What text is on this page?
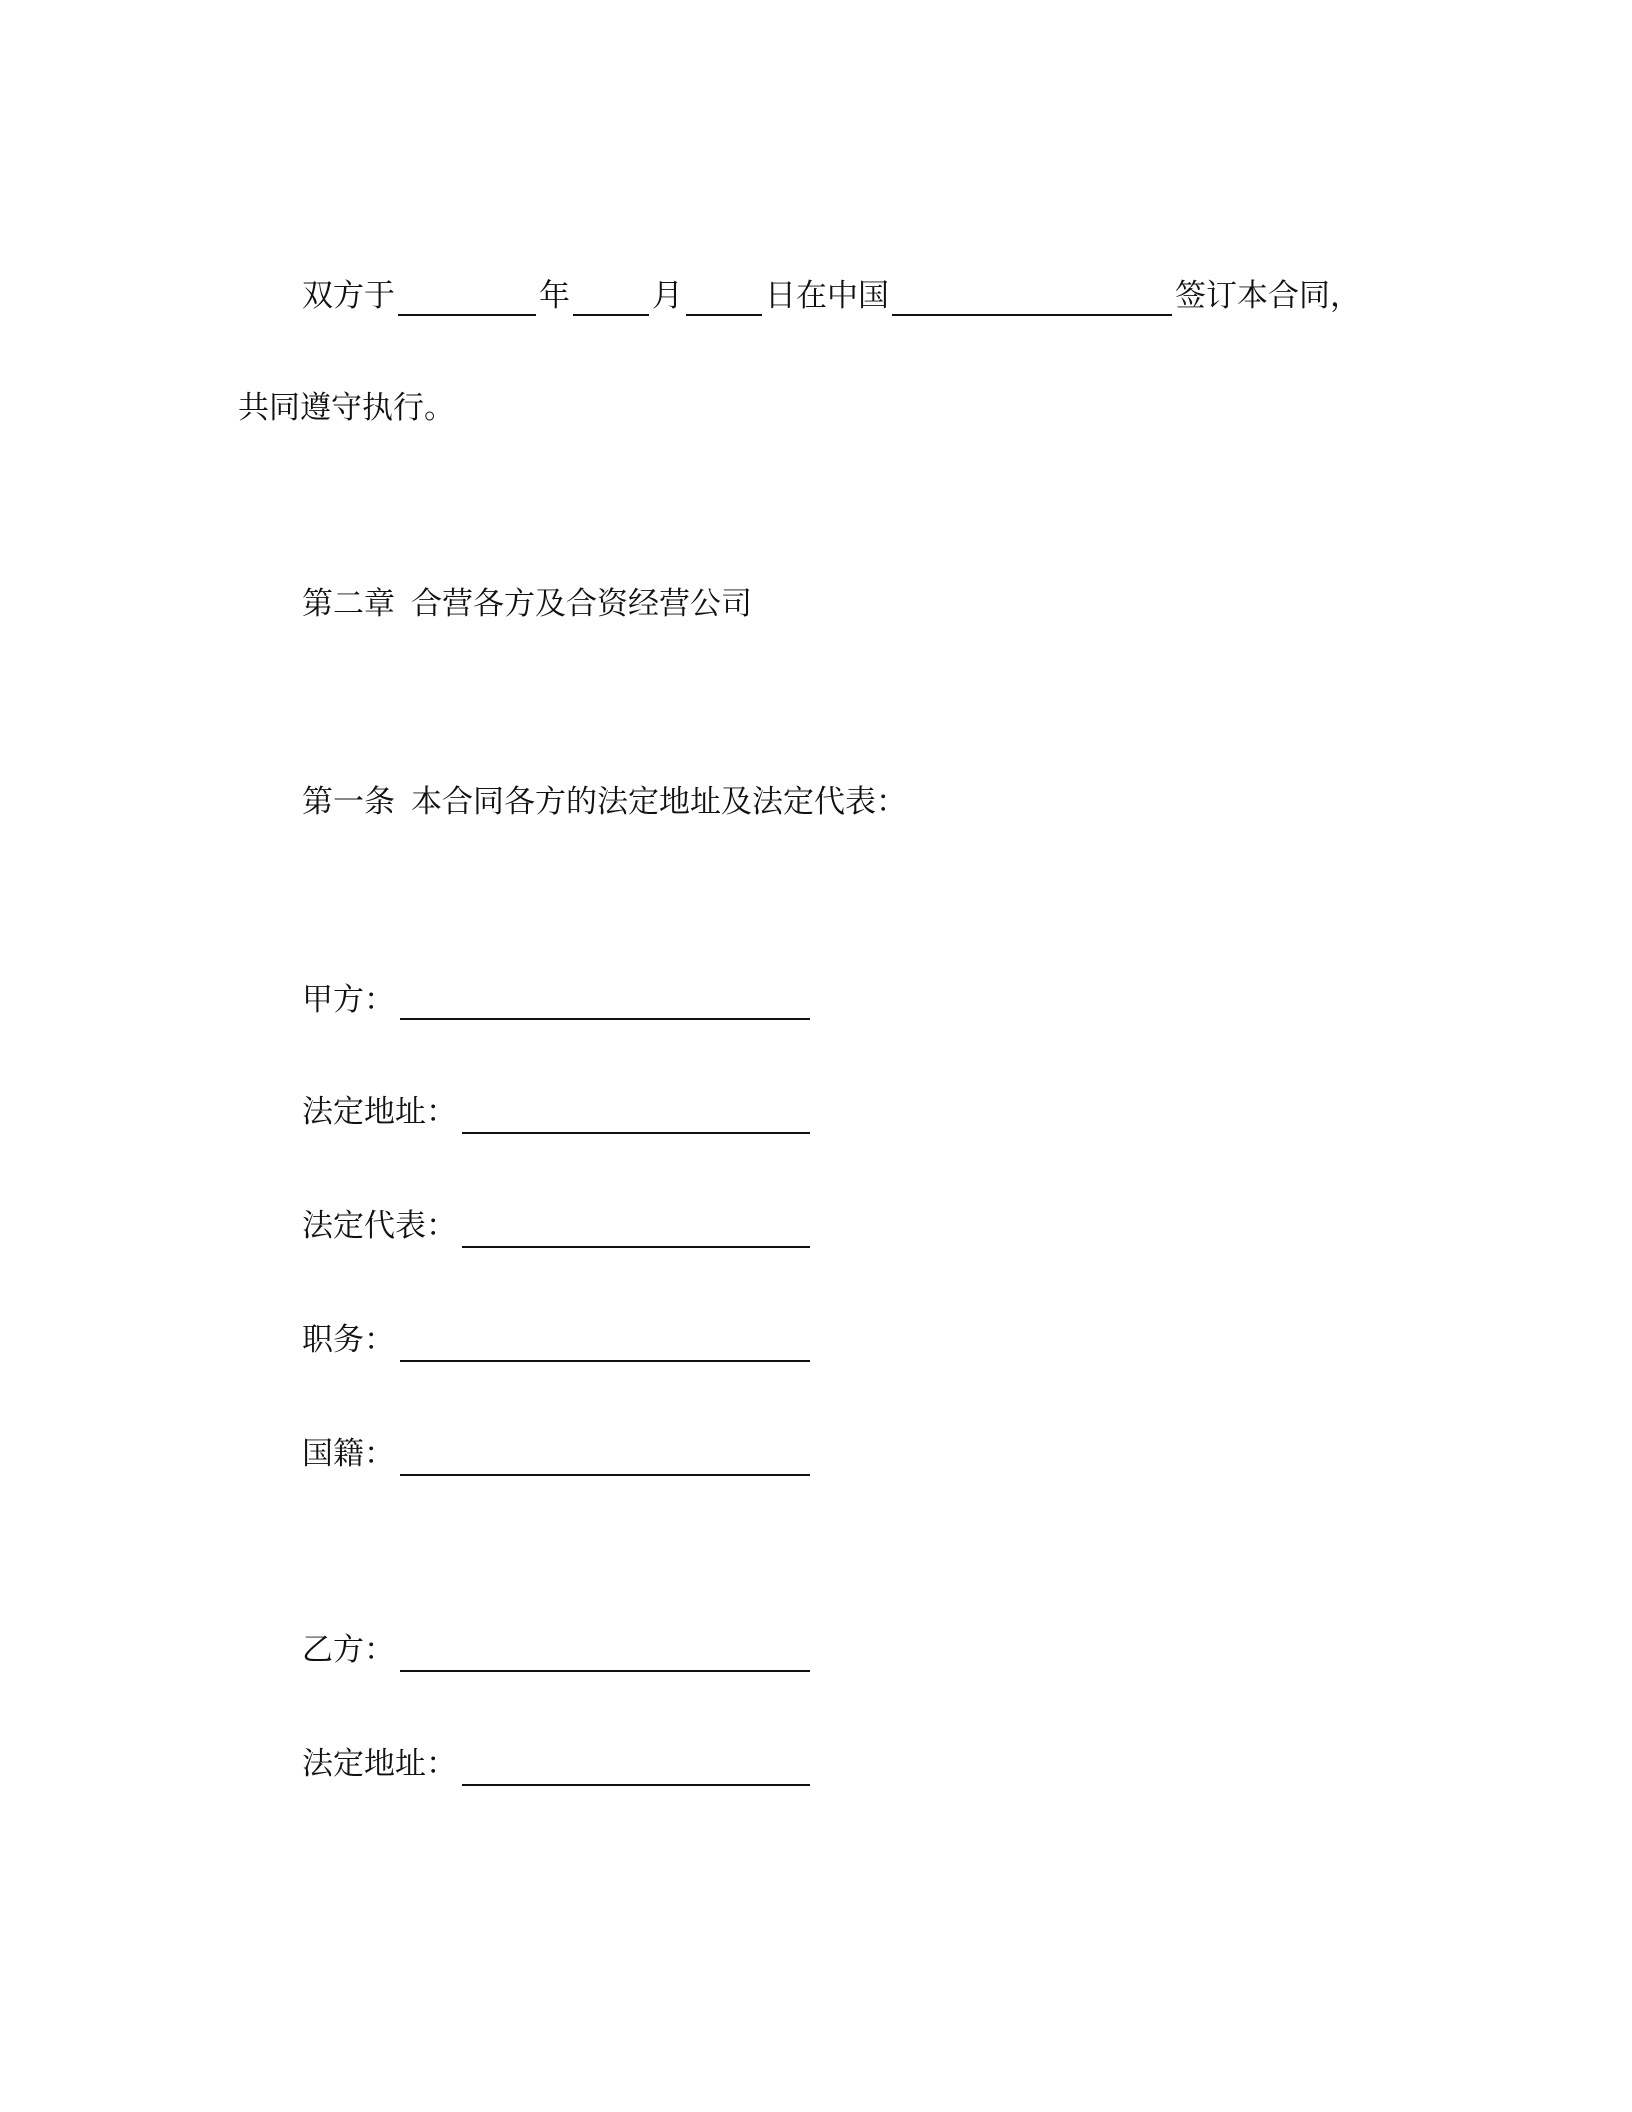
双方于	年	月	日在中国	签订本合同，
共同遵守执行。
第二章 合营各方及合资经营公司
第一条 本合同各方的法定地址及法定代表：
甲方：
法定地址：
法定代表：
职务：
国籍：
乙方：
法定地址：
